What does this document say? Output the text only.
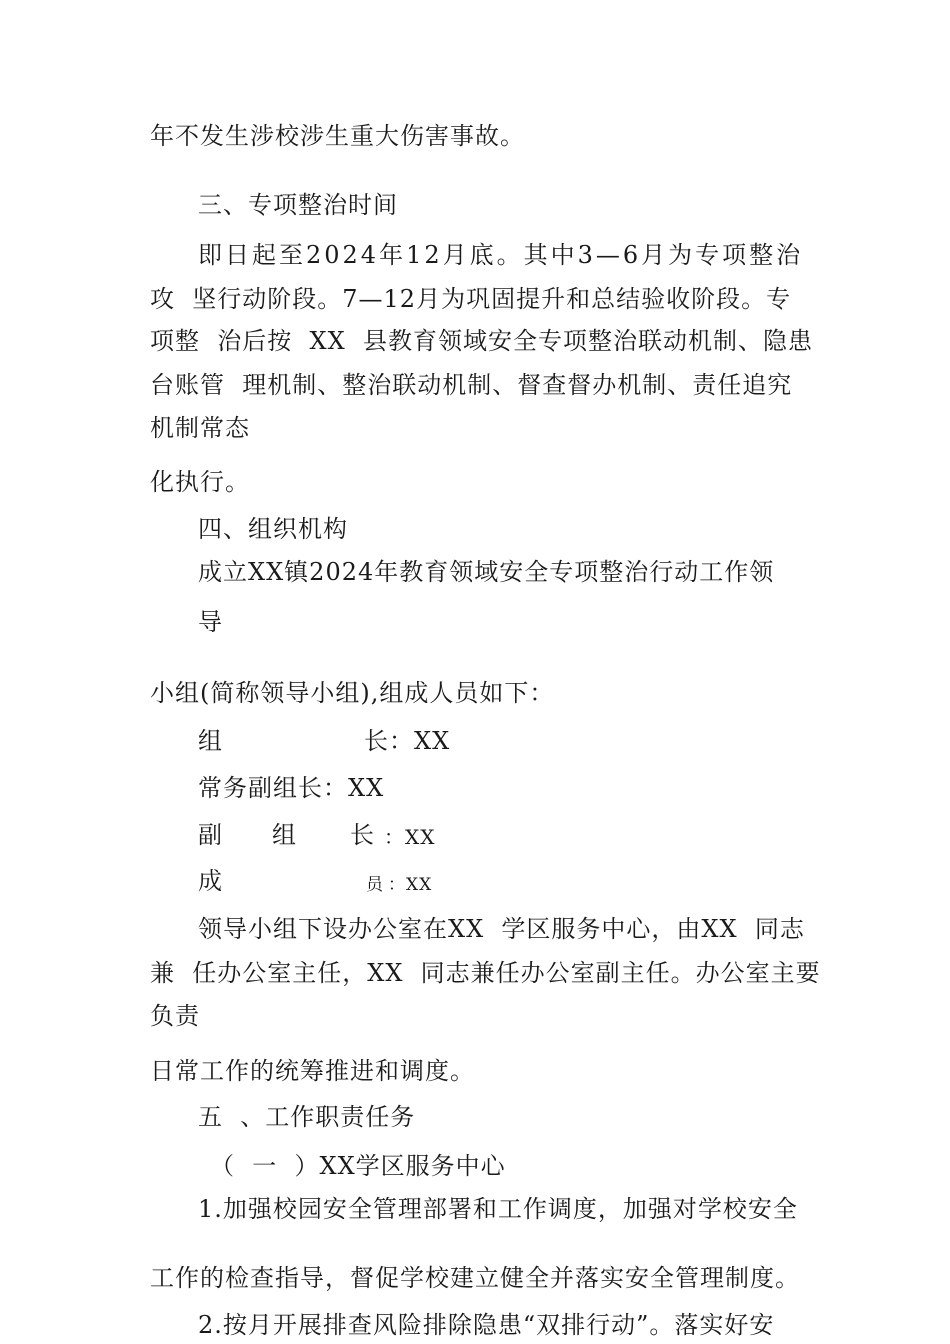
年不发生涉校涉生重大伤害事故。
三、专项整治时间
即日起至2024年12月底。其中3—6月为专项整治
攻  坚行动阶段。7—12月为巩固提升和总结验收阶段。专
项整  治后按  XX  县教育领域安全专项整治联动机制、隐患
台账管  理机制、整治联动机制、督查督办机制、责任追究
机制常态
化执行。
四、组织机构
成立XX镇2024年教育领域安全专项整治行动工作领
导
小组(简称领导小组),组成人员如下：
组	长：XX
常务副组长： XX
副 组 长 ：XX
成	员 ：XX
领导小组下设办公室在XX  学区服务中心，由XX  同志
兼  任办公室主任，XX  同志兼任办公室副主任。办公室主要
负责
日常工作的统筹推进和调度。
五  、工作职责任务
（  一  ）XX学区服务中心
1.加强校园安全管理部署和工作调度，加强对学校安全
工作的检查指导，督促学校建立健全并落实安全管理制度。
2.按月开展排查风险排除隐患“双排行动”。落实好安
